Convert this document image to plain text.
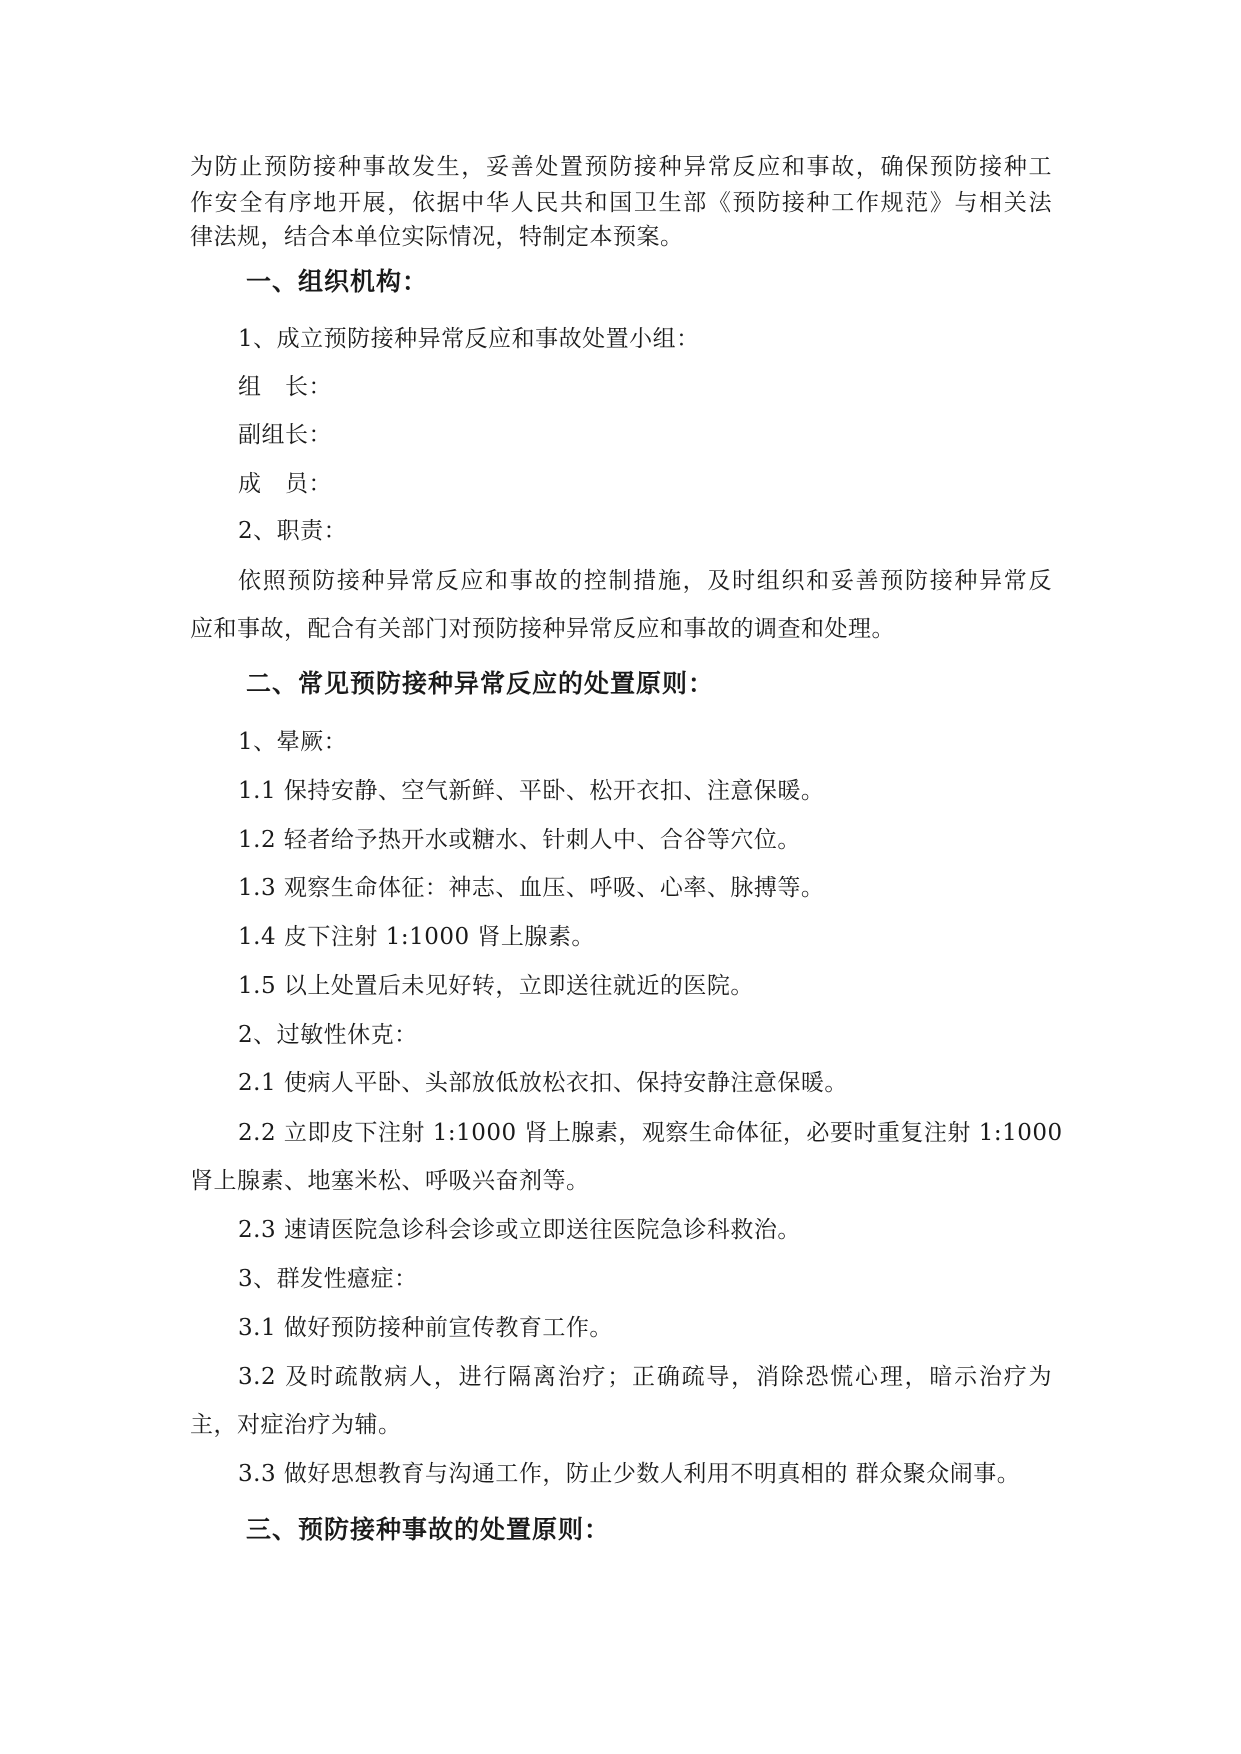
为防止预防接种事故发生，妥善处置预防接种异常反应和事故，确保预防接种工
作安全有序地开展，依据中华人民共和国卫生部《预防接种工作规范》与相关法
律法规，结合本单位实际情况，特制定本预案。
一、组织机构：
1、成立预防接种异常反应和事故处置小组：
组　长：
副组长：
成　员：
2、职责：
依照预防接种异常反应和事故的控制措施，及时组织和妥善预防接种异常反
应和事故，配合有关部门对预防接种异常反应和事故的调查和处理。
二、常见预防接种异常反应的处置原则：
1、晕厥：
1.1 保持安静、空气新鲜、平卧、松开衣扣、注意保暖。
1.2 轻者给予热开水或糖水、针刺人中、合谷等穴位。
1.3 观察生命体征：神志、血压、呼吸、心率、脉搏等。
1.4 皮下注射 1:1000 肾上腺素。
1.5 以上处置后未见好转，立即送往就近的医院。
2、过敏性休克：
2.1 使病人平卧、头部放低放松衣扣、保持安静注意保暖。
2.2 立即皮下注射 1:1000 肾上腺素，观察生命体征，必要时重复注射 1:1000
肾上腺素、地塞米松、呼吸兴奋剂等。
2.3 速请医院急诊科会诊或立即送往医院急诊科救治。
3、群发性癔症：
3.1 做好预防接种前宣传教育工作。
3.2 及时疏散病人，进行隔离治疗；正确疏导，消除恐慌心理，暗示治疗为
主，对症治疗为辅。
3.3 做好思想教育与沟通工作，防止少数人利用不明真相的 群众聚众闹事。
三、预防接种事故的处置原则：
